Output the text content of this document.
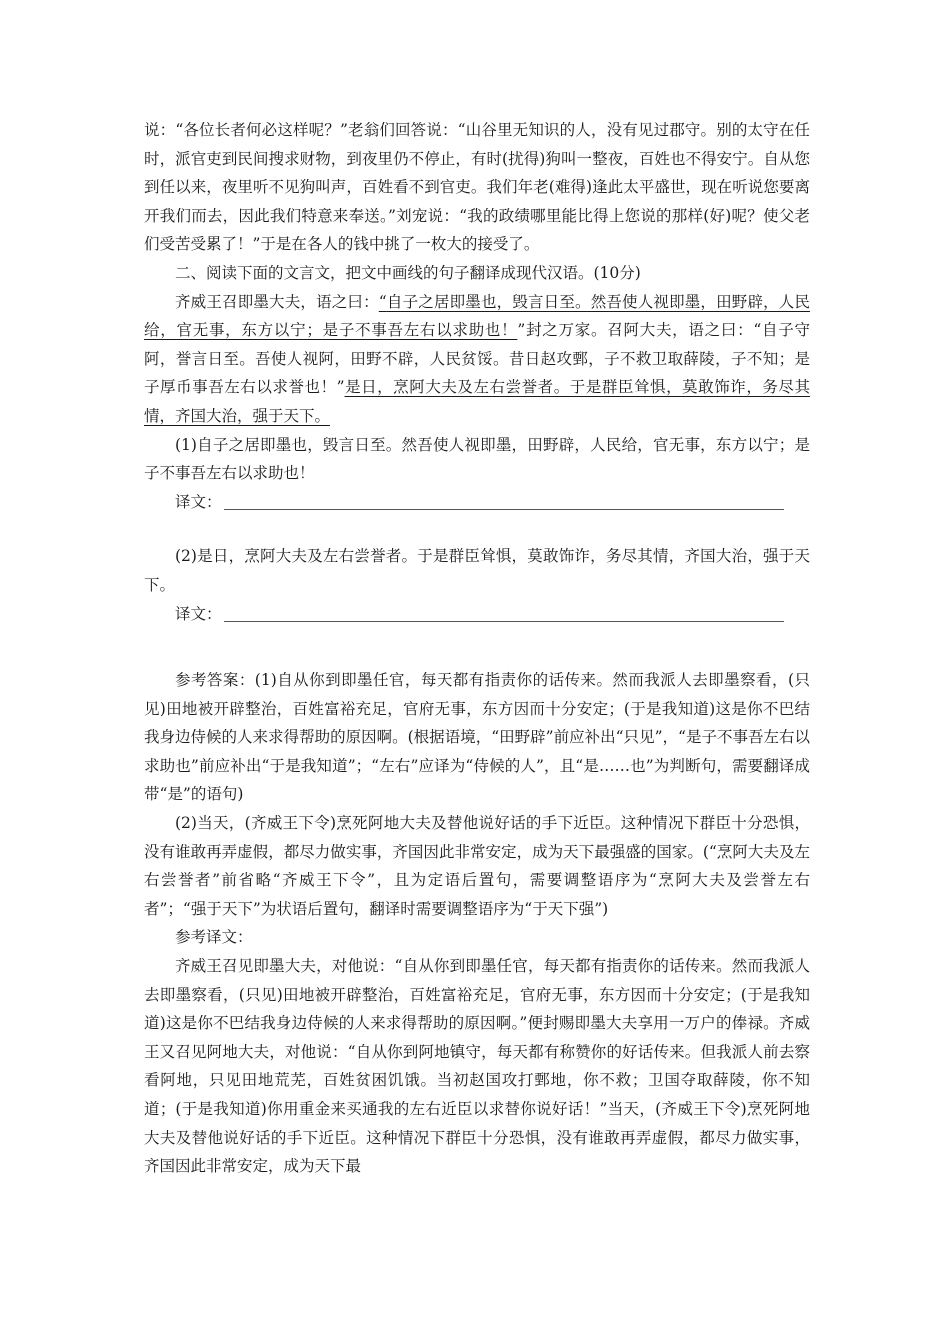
说：“各位长者何必这样呢？”老翁们回答说：“山谷里无知识的人，没有见过郡守。别的太守在任时，派官吏到民间搜求财物，到夜里仍不停止，有时(扰得)狗叫一整夜，百姓也不得安宁。自从您到任以来，夜里听不见狗叫声，百姓看不到官吏。我们年老(难得)逢此太平盛世，现在听说您要离开我们而去，因此我们特意来奉送。”刘宠说：“我的政绩哪里能比得上您说的那样(好)呢？使父老们受苦受累了！”于是在各人的钱中挑了一枚大的接受了。

二、阅读下面的文言文，把文中画线的句子翻译成现代汉语。(10分)

齐威王召即墨大夫，语之曰：“自子之居即墨也，毁言日至。然吾使人视即墨，田野辟，人民给，官无事，东方以宁；是子不事吾左右以求助也！”封之万家。召阿大夫，语之曰：“自子守阿，誉言日至。吾使人视阿，田野不辟，人民贫馁。昔日赵攻鄄，子不救卫取薛陵，子不知；是子厚币事吾左右以求誉也！”是日，烹阿大夫及左右尝誉者。于是群臣耸惧，莫敢饰诈，务尽其情，齐国大治，强于天下。

(1)自子之居即墨也，毁言日至。然吾使人视即墨，田野辟，人民给，官无事，东方以宁；是子不事吾左右以求助也！

译文：

(2)是日，烹阿大夫及左右尝誉者。于是群臣耸惧，莫敢饰诈，务尽其情，齐国大治，强于天下。

译文：

参考答案：(1)自从你到即墨任官，每天都有指责你的话传来。然而我派人去即墨察看，(只见)田地被开辟整治，百姓富裕充足，官府无事，东方因而十分安定；(于是我知道)这是你不巴结我身边侍候的人来求得帮助的原因啊。(根据语境，“田野辟”前应补出“只见”，“是子不事吾左右以求助也”前应补出“于是我知道”；“左右”应译为“侍候的人”，且“是……也”为判断句，需要翻译成带“是”的语句)

(2)当天，(齐威王下令)烹死阿地大夫及替他说好话的手下近臣。这种情况下群臣十分恐惧，没有谁敢再弄虚假，都尽力做实事，齐国因此非常安定，成为天下最强盛的国家。(“烹阿大夫及左右尝誉者”前省略“齐威王下令”，且为定语后置句，需要调整语序为“烹阿大夫及尝誉左右者”；“强于天下”为状语后置句，翻译时需要调整语序为“于天下强”)

参考译文：

齐威王召见即墨大夫，对他说：“自从你到即墨任官，每天都有指责你的话传来。然而我派人去即墨察看，(只见)田地被开辟整治，百姓富裕充足，官府无事，东方因而十分安定；(于是我知道)这是你不巴结我身边侍候的人来求得帮助的原因啊。”便封赐即墨大夫享用一万户的俸禄。齐威王又召见阿地大夫，对他说：“自从你到阿地镇守，每天都有称赞你的好话传来。但我派人前去察看阿地，只见田地荒芜，百姓贫困饥饿。当初赵国攻打鄄地，你不救；卫国夺取薛陵，你不知道；(于是我知道)你用重金来买通我的左右近臣以求替你说好话！”当天，(齐威王下令)烹死阿地大夫及替他说好话的手下近臣。这种情况下群臣十分恐惧，没有谁敢再弄虚假，都尽力做实事，齐国因此非常安定，成为天下最
